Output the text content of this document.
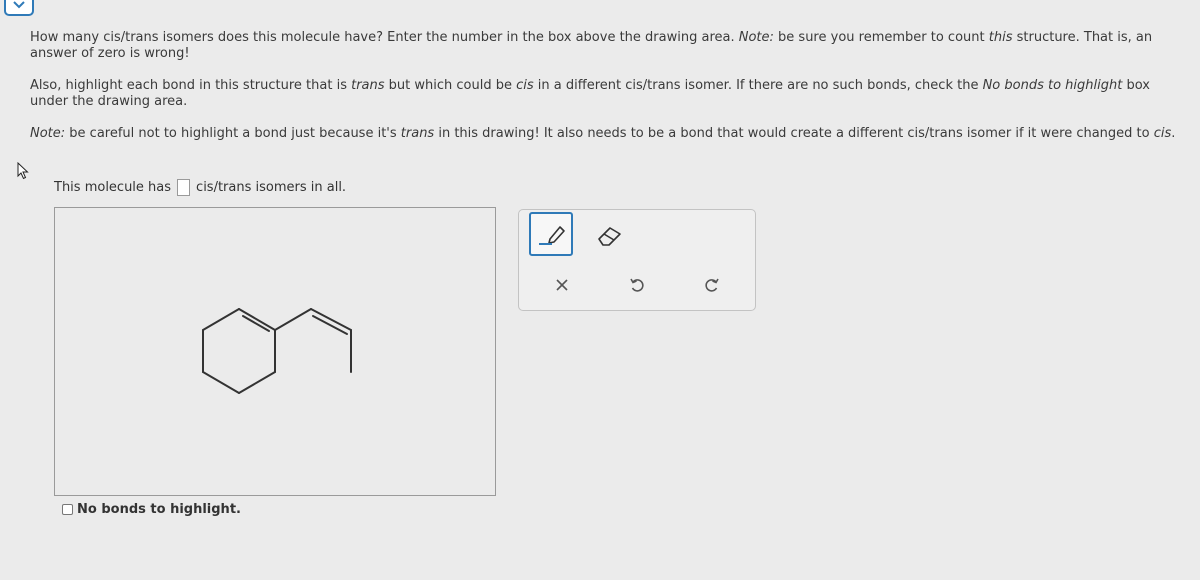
How many cis/trans isomers does this molecule have? Enter the number in the box above the drawing area. Note: be sure you remember to count this structure. That is, an answer of zero is wrong!

Also, highlight each bond in this structure that is trans but which could be cis in a different cis/trans isomer. If there are no such bonds, check the No bonds to highlight box under the drawing area.

Note: be careful not to highlight a bond just because it's trans in this drawing! It also needs to be a bond that would create a different cis/trans isomer if it were changed to cis.

This molecule has cis/trans isomers in all.
No bonds to highlight.
